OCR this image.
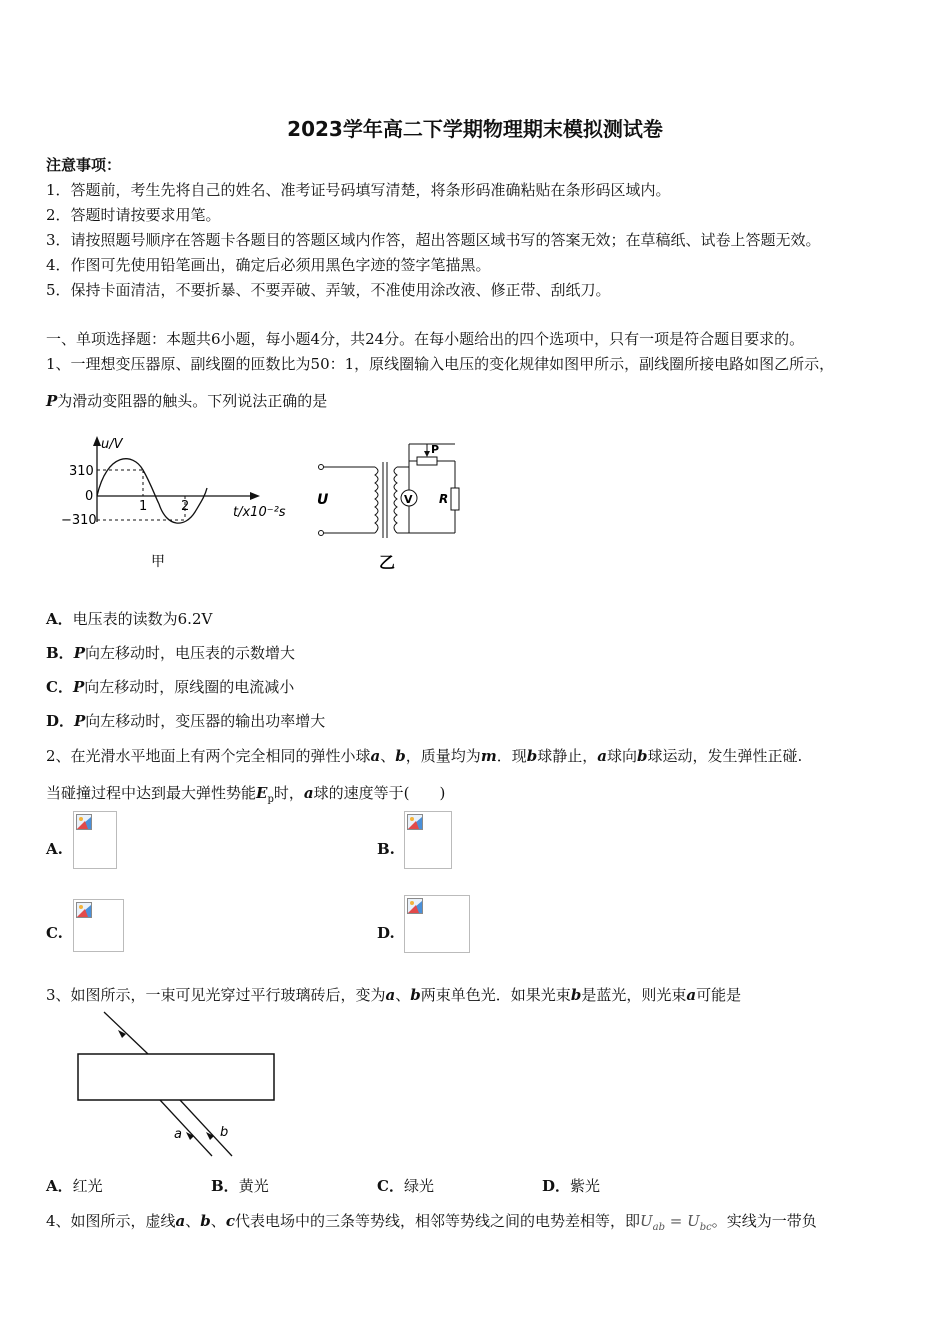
2023学年高二下学期物理期末模拟测试卷
注意事项：
1．答题前，考生先将自己的姓名、准考证号码填写清楚，将条形码准确粘贴在条形码区域内。
2．答题时请按要求用笔。
3．请按照题号顺序在答题卡各题目的答题区域内作答，超出答题区域书写的答案无效；在草稿纸、试卷上答题无效。
4．作图可先使用铅笔画出，确定后必须用黑色字迹的签字笔描黑。
5．保持卡面清洁，不要折暴、不要弄破、弄皱，不准使用涂改液、修正带、刮纸刀。
一、单项选择题：本题共6小题，每小题4分，共24分。在每小题给出的四个选项中，只有一项是符合题目要求的。
1、一理想变压器原、副线圈的匝数比为50：1，原线圈输入电压的变化规律如图甲所示，副线圈所接电路如图乙所示，
P为滑动变阻器的触头。下列说法正确的是
u/V
310
0
−310
1	2	t/x10⁻²s
甲
P
V R
U
乙
A．电压表的读数为6.2V
B．P向左移动时，电压表的示数增大
C．P向左移动时，原线圈的电流减小
D．P向左移动时，变压器的输出功率增大
2、在光滑水平地面上有两个完全相同的弹性小球a、b，质量均为m．现b球静止，a球向b球运动，发生弹性正碰.
当碰撞过程中达到最大弹性势能$E_p$时，a球的速度等于(　　)
A.	B.
C.	D.
3、如图所示，一束可见光穿过平行玻璃砖后，变为a、b两束单色光．如果光束b是蓝光，则光束a可能是
a	b
A．红光	B．黄光	C．绿光	D．紫光
4、如图所示，虚线a、b、c代表电场中的三条等势线，相邻等势线之间的电势差相等，即$U_{ab} = U_{bc}$。实线为一带负
